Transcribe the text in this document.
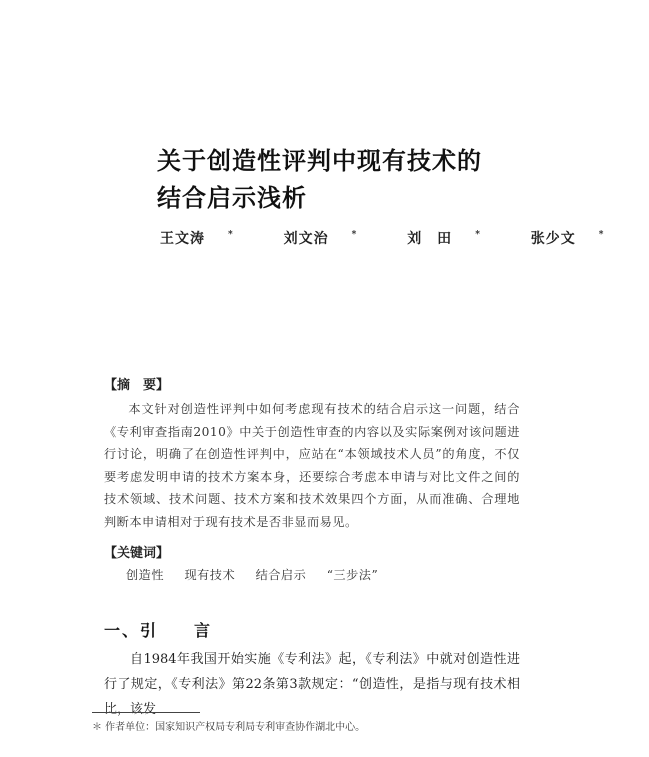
关于创造性评判中现有技术的
结合启示浅析
王文涛	*	刘文治	*	刘　田	*	张少文	*
【摘　要】

本文针对创造性评判中如何考虑现有技术的结合启示这一问题，结合《专利审查指南2010》中关于创造性审查的内容以及实际案例对该问题进行讨论，明确了在创造性评判中，应站在“本领域技术人员”的角度，不仅要考虑发明申请的技术方案本身，还要综合考虑本申请与对比文件之间的技术领域、技术问题、技术方案和技术效果四个方面，从而准确、合理地判断本申请相对于现有技术是否非显而易见。

【关键词】
创造性 现有技术 结合启示 “三步法”
一、引　　言

自1984年我国开始实施《专利法》起，《专利法》中就对创造性进行了规定，《专利法》第22条第3款规定：“创造性，是指与现有技术相比，该发

＊ 作者单位：国家知识产权局专利局专利审查协作湖北中心。
